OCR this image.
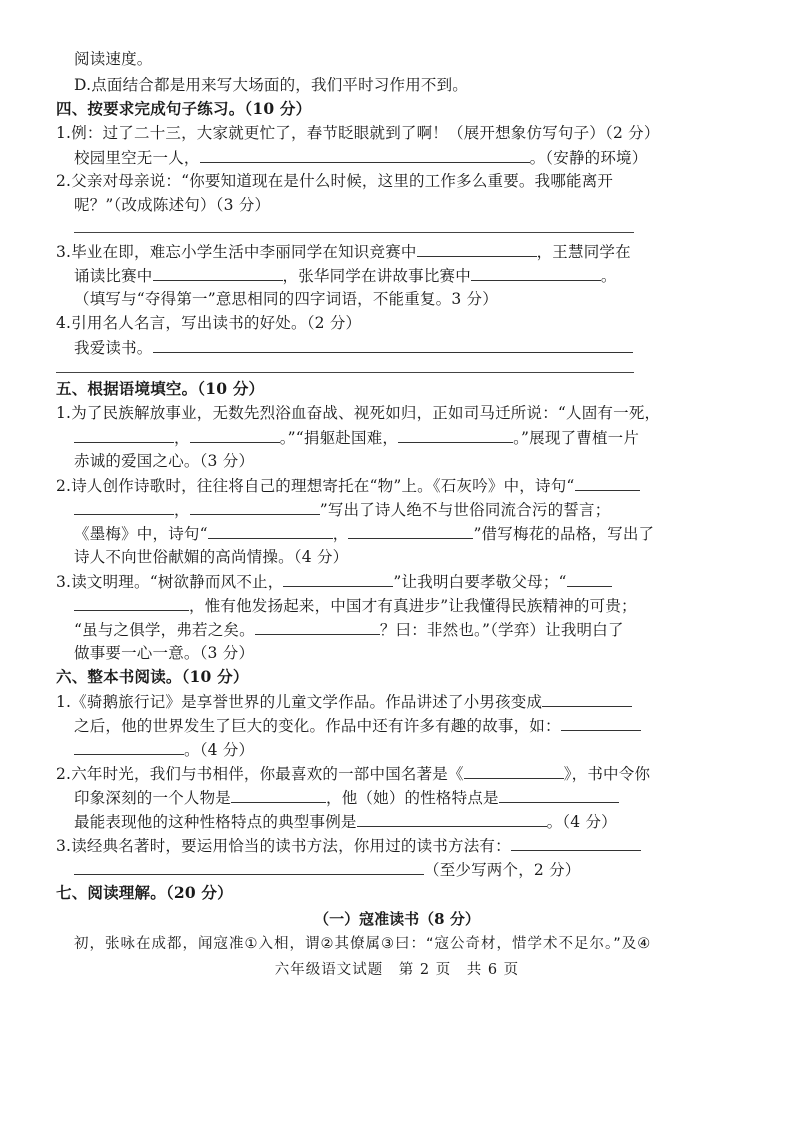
阅读速度。
D.点面结合都是用来写大场面的，我们平时习作用不到。
四、按要求完成句子练习。（10 分）
1.例：过了二十三，大家就更忙了，春节眨眼就到了啊！（展开想象仿写句子）（2 分）
校园里空无一人，	。（安静的环境）
2.父亲对母亲说：“你要知道现在是什么时候，这里的工作多么重要。我哪能离开
呢？”（改成陈述句）（3 分）
3.毕业在即，难忘小学生活中李丽同学在知识竞赛中	，王慧同学在
诵读比赛中	，张华同学在讲故事比赛中	。
（填写与“夺得第一”意思相同的四字词语，不能重复。3 分）
4.引用名人名言，写出读书的好处。（2 分）
我爱读书。
五、根据语境填空。（10 分）
1.为了民族解放事业，无数先烈浴血奋战、视死如归，正如司马迁所说：“人固有一死，
，	。”“捐躯赴国难，	。”展现了曹植一片
赤诚的爱国之心。（3 分）
2.诗人创作诗歌时，往往将自己的理想寄托在“物”上。《石灰吟》中，诗句“
，	”写出了诗人绝不与世俗同流合污的誓言；
《墨梅》中，诗句“	，	”借写梅花的品格，写出了
诗人不向世俗献媚的高尚情操。（4 分）
3.读文明理。“树欲静而风不止，	”让我明白要孝敬父母；“
，惟有他发扬起来，中国才有真进步”让我懂得民族精神的可贵；
“虽与之俱学，弗若之矣。	？曰：非然也。”（学弈）让我明白了
做事要一心一意。（3 分）
六、整本书阅读。（10 分）
1.《骑鹅旅行记》是享誉世界的儿童文学作品。作品讲述了小男孩变成
之后，他的世界发生了巨大的变化。作品中还有许多有趣的故事，如：
。（4 分）
2.六年时光，我们与书相伴，你最喜欢的一部中国名著是《	》，书中令你
印象深刻的一个人物是	，他（她）的性格特点是
最能表现他的这种性格特点的典型事例是	。（4 分）
3.读经典名著时，要运用恰当的读书方法，你用过的读书方法有：
（至少写两个，2 分）
七、阅读理解。（20 分）
（一）寇准读书（8 分）
初，张咏在成都，闻寇准①入相，谓②其僚属③曰：“寇公奇材，惜学术不足尔。”及④
六年级语文试题　第 2 页　共 6 页
